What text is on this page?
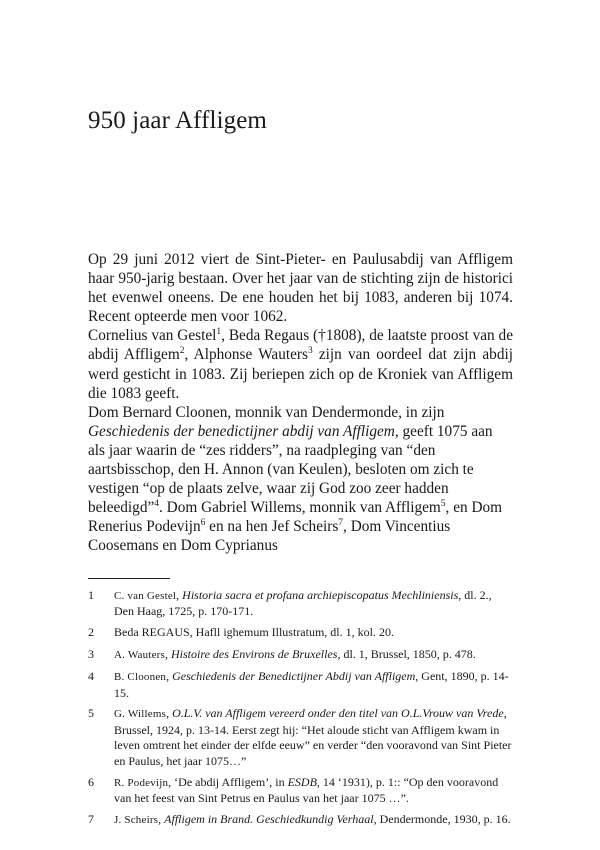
950 jaar Affligem
Op 29 juni 2012 viert de Sint-Pieter- en Paulusabdij van Affligem haar 950-jarig bestaan. Over het jaar van de stichting zijn de historici het evenwel oneens. De ene houden het bij 1083, anderen bij 1074. Recent opteerde men voor 1062.
Cornelius van Gestel$^1$, Beda Regaus (†1808), de laatste proost van de abdij Affligem$^2$, Alphonse Wauters$^3$ zijn van oordeel dat zijn abdij werd gesticht in 1083. Zij beriepen zich op de Kroniek van Affligem die 1083 geeft.
Dom Bernard Cloonen, monnik van Dendermonde, in zijn Geschiedenis der benedictijner abdij van Affligem, geeft 1075 aan als jaar waarin de “zes ridders”, na raadpleging van “den aartsbisschop, den H. Annon (van Keulen), besloten om zich te vestigen “op de plaats zelve, waar zij God zoo zeer hadden beleedigd”$^4$. Dom Gabriel Willems, monnik van Affligem$^5$, en Dom Renerius Podevijn$^6$ en na hen Jef Scheirs$^7$, Dom Vincentius Coosemans en Dom Cyprianus
1	C. van Gestel, Historia sacra et profana archiepiscopatus Mechliniensis, dl. 2., Den Haag, 1725, p. 170-171.
2	Beda REGAUS, Hafll ighemum Illustratum, dl. 1, kol. 20.
3	A. Wauters, Histoire des Environs de Bruxelles, dl. 1, Brussel, 1850, p. 478.
4	B. Cloonen, Geschiedenis der Benedictijner Abdij van Affligem, Gent, 1890, p. 14-15.
5	G. Willems, O.L.V. van Affligem vereerd onder den titel van O.L.Vrouw van Vrede, Brussel, 1924, p. 13-14. Eerst zegt hij: “Het aloude sticht van Affligem kwam in leven omtrent het einder der elfde eeuw” en verder “den vooravond van Sint Pieter en Paulus, het jaar 1075…”
6	R. Podevijn, ‘De abdij Affligem’, in ESDB, 14 ‘1931), p. 1:: “Op den vooravond van het feest van Sint Petrus en Paulus van het jaar 1075 …”.
7	J. Scheirs, Affligem in Brand. Geschiedkundig Verhaal, Dendermonde, 1930, p. 16.
